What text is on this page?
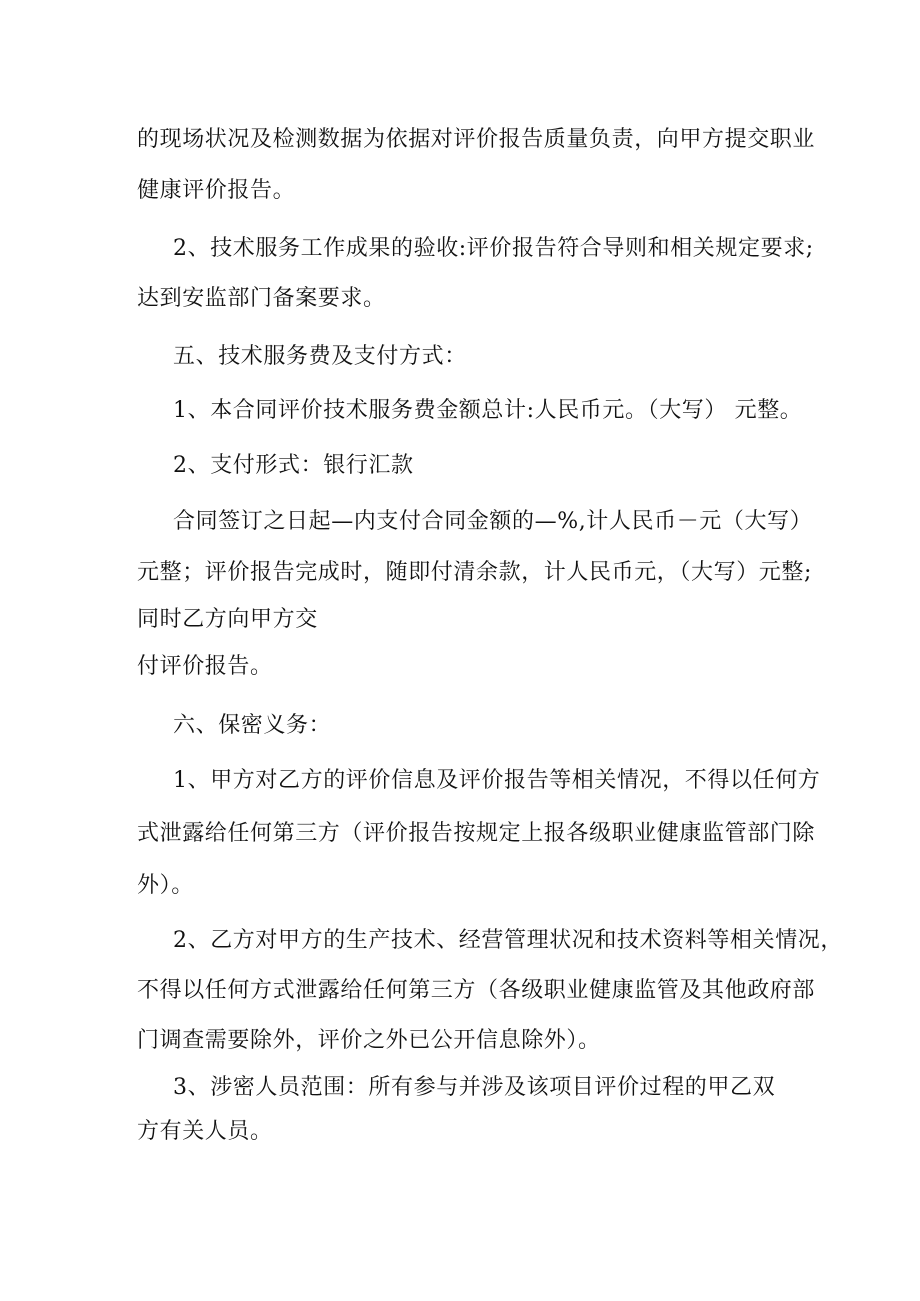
的现场状况及检测数据为依据对评价报告质量负责，向甲方提交职业
健康评价报告。
2、技术服务工作成果的验收:评价报告符合导则和相关规定要求;
达到安监部门备案要求。
五、技术服务费及支付方式：
1、本合同评价技术服务费金额总计:人民币元。（大写） 元整。
2、支付形式：银行汇款
合同签订之日起—内支付合同金额的—%,计人民币－元（大写）
元整；评价报告完成时，随即付清余款，计人民币元，（大写）元整;
同时乙方向甲方交
付评价报告。
六、保密义务：
1、甲方对乙方的评价信息及评价报告等相关情况，不得以任何方
式泄露给任何第三方（评价报告按规定上报各级职业健康监管部门除
外）。
2、乙方对甲方的生产技术、经营管理状况和技术资料等相关情况，
不得以任何方式泄露给任何第三方（各级职业健康监管及其他政府部
门调查需要除外，评价之外已公开信息除外）。
3、涉密人员范围：所有参与并涉及该项目评价过程的甲乙双
方有关人员。
